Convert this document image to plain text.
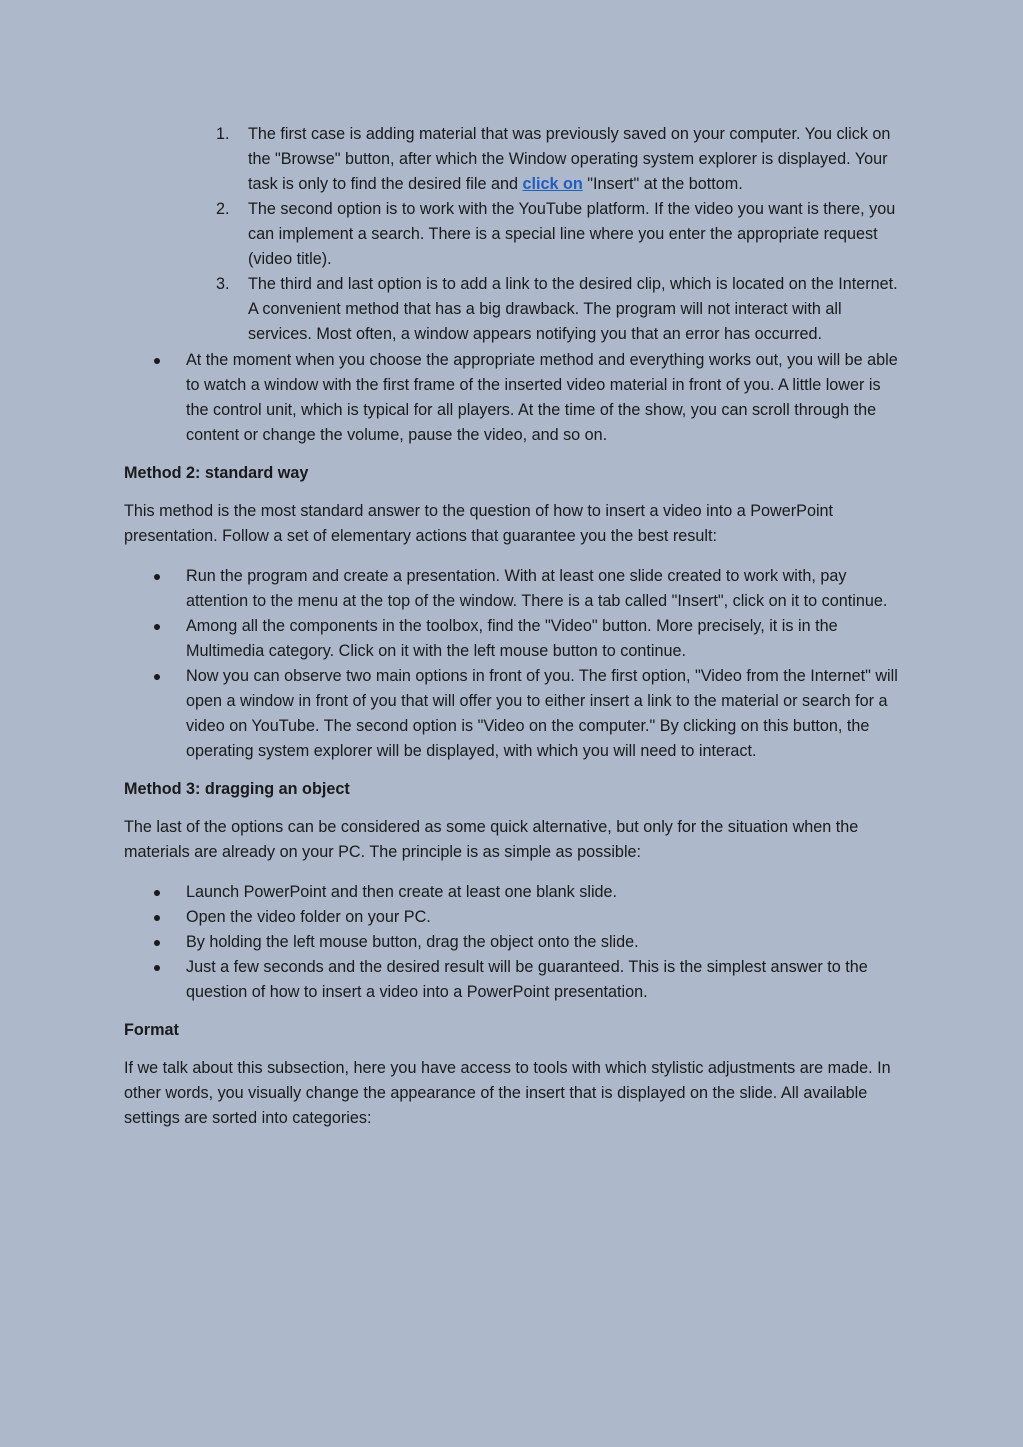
1. The first case is adding material that was previously saved on your computer. You click on the "Browse" button, after which the Window operating system explorer is displayed. Your task is only to find the desired file and click on "Insert" at the bottom.
2. The second option is to work with the YouTube platform. If the video you want is there, you can implement a search. There is a special line where you enter the appropriate request (video title).
3. The third and last option is to add a link to the desired clip, which is located on the Internet. A convenient method that has a big drawback. The program will not interact with all services. Most often, a window appears notifying you that an error has occurred.
At the moment when you choose the appropriate method and everything works out, you will be able to watch a window with the first frame of the inserted video material in front of you. A little lower is the control unit, which is typical for all players. At the time of the show, you can scroll through the content or change the volume, pause the video, and so on.

Method 2: standard way

This method is the most standard answer to the question of how to insert a video into a PowerPoint presentation. Follow a set of elementary actions that guarantee you the best result:

Run the program and create a presentation. With at least one slide created to work with, pay attention to the menu at the top of the window. There is a tab called "Insert", click on it to continue.
Among all the components in the toolbox, find the "Video" button. More precisely, it is in the Multimedia category. Click on it with the left mouse button to continue.
Now you can observe two main options in front of you. The first option, "Video from the Internet" will open a window in front of you that will offer you to either insert a link to the material or search for a video on YouTube. The second option is "Video on the computer." By clicking on this button, the operating system explorer will be displayed, with which you will need to interact.

Method 3: dragging an object

The last of the options can be considered as some quick alternative, but only for the situation when the materials are already on your PC. The principle is as simple as possible:

Launch PowerPoint and then create at least one blank slide.
Open the video folder on your PC.
By holding the left mouse button, drag the object onto the slide.
Just a few seconds and the desired result will be guaranteed. This is the simplest answer to the question of how to insert a video into a PowerPoint presentation.

Format

If we talk about this subsection, here you have access to tools with which stylistic adjustments are made. In other words, you visually change the appearance of the insert that is displayed on the slide. All available settings are sorted into categories:
